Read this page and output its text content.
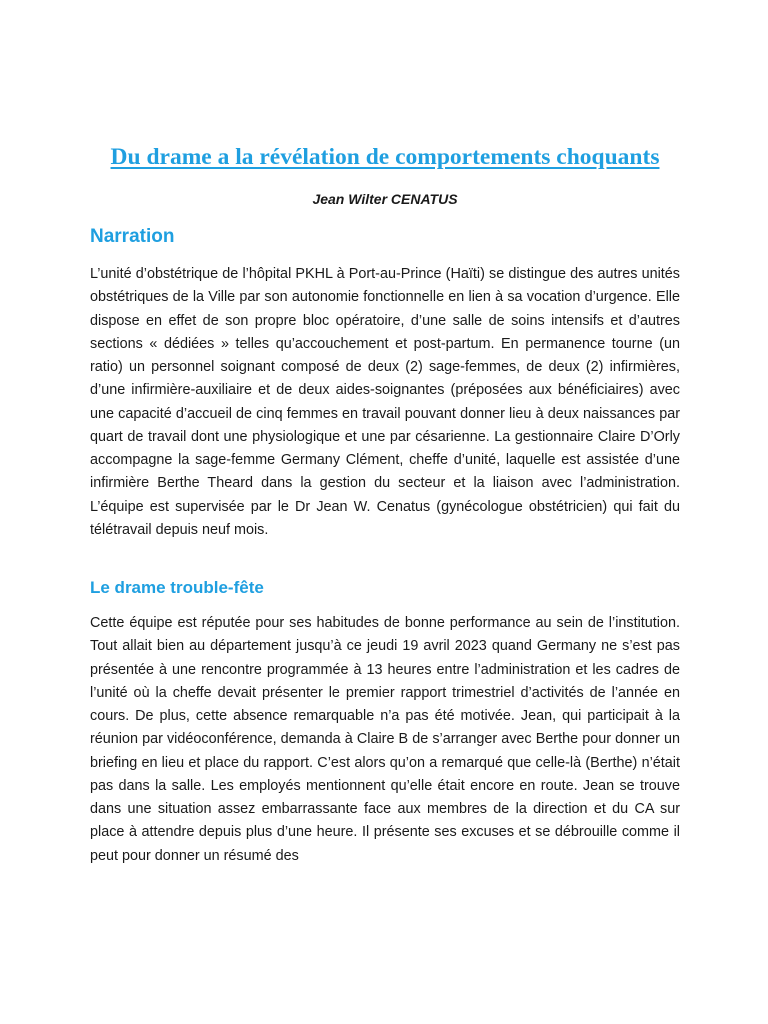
Du drame a la révélation de comportements choquants

Jean Wilter CENATUS

Narration

L’unité d’obstétrique de l’hôpital PKHL à Port-au-Prince (Haïti) se distingue des autres unités obstétriques de la Ville par son autonomie fonctionnelle en lien à sa vocation d’urgence. Elle dispose en effet de son propre bloc opératoire, d’une salle de soins intensifs et d’autres sections « dédiées » telles qu’accouchement et post-partum. En permanence tourne (un ratio) un personnel soignant composé de deux (2) sage-femmes, de deux (2) infirmières, d’une infirmière-auxiliaire et de deux aides-soignantes (préposées aux bénéficiaires) avec une capacité d’accueil de cinq femmes en travail pouvant donner lieu à deux naissances par quart de travail dont une physiologique et une par césarienne. La gestionnaire Claire D’Orly accompagne la sage-femme Germany Clément, cheffe d’unité, laquelle est assistée d’une infirmière Berthe Theard dans la gestion du secteur et la liaison avec l’administration. L’équipe est supervisée par le Dr Jean W. Cenatus (gynécologue obstétricien) qui fait du télétravail depuis neuf mois.

Le drame trouble-fête

Cette équipe est réputée pour ses habitudes de bonne performance au sein de l’institution. Tout allait bien au département jusqu’à ce jeudi 19 avril 2023 quand Germany ne s’est pas présentée à une rencontre programmée à 13 heures entre l’administration et les cadres de l’unité où la cheffe devait présenter le premier rapport trimestriel d’activités de l’année en cours. De plus, cette absence remarquable n’a pas été motivée. Jean, qui participait à la réunion par vidéoconférence, demanda à Claire B de s’arranger avec Berthe pour donner un briefing en lieu et place du rapport. C’est alors qu’on a remarqué que celle-là (Berthe) n’était pas dans la salle. Les employés mentionnent qu’elle était encore en route. Jean se trouve dans une situation assez embarrassante face aux membres de la direction et du CA sur place à attendre depuis plus d’une heure. Il présente ses excuses et se débrouille comme il peut pour donner un résumé des
